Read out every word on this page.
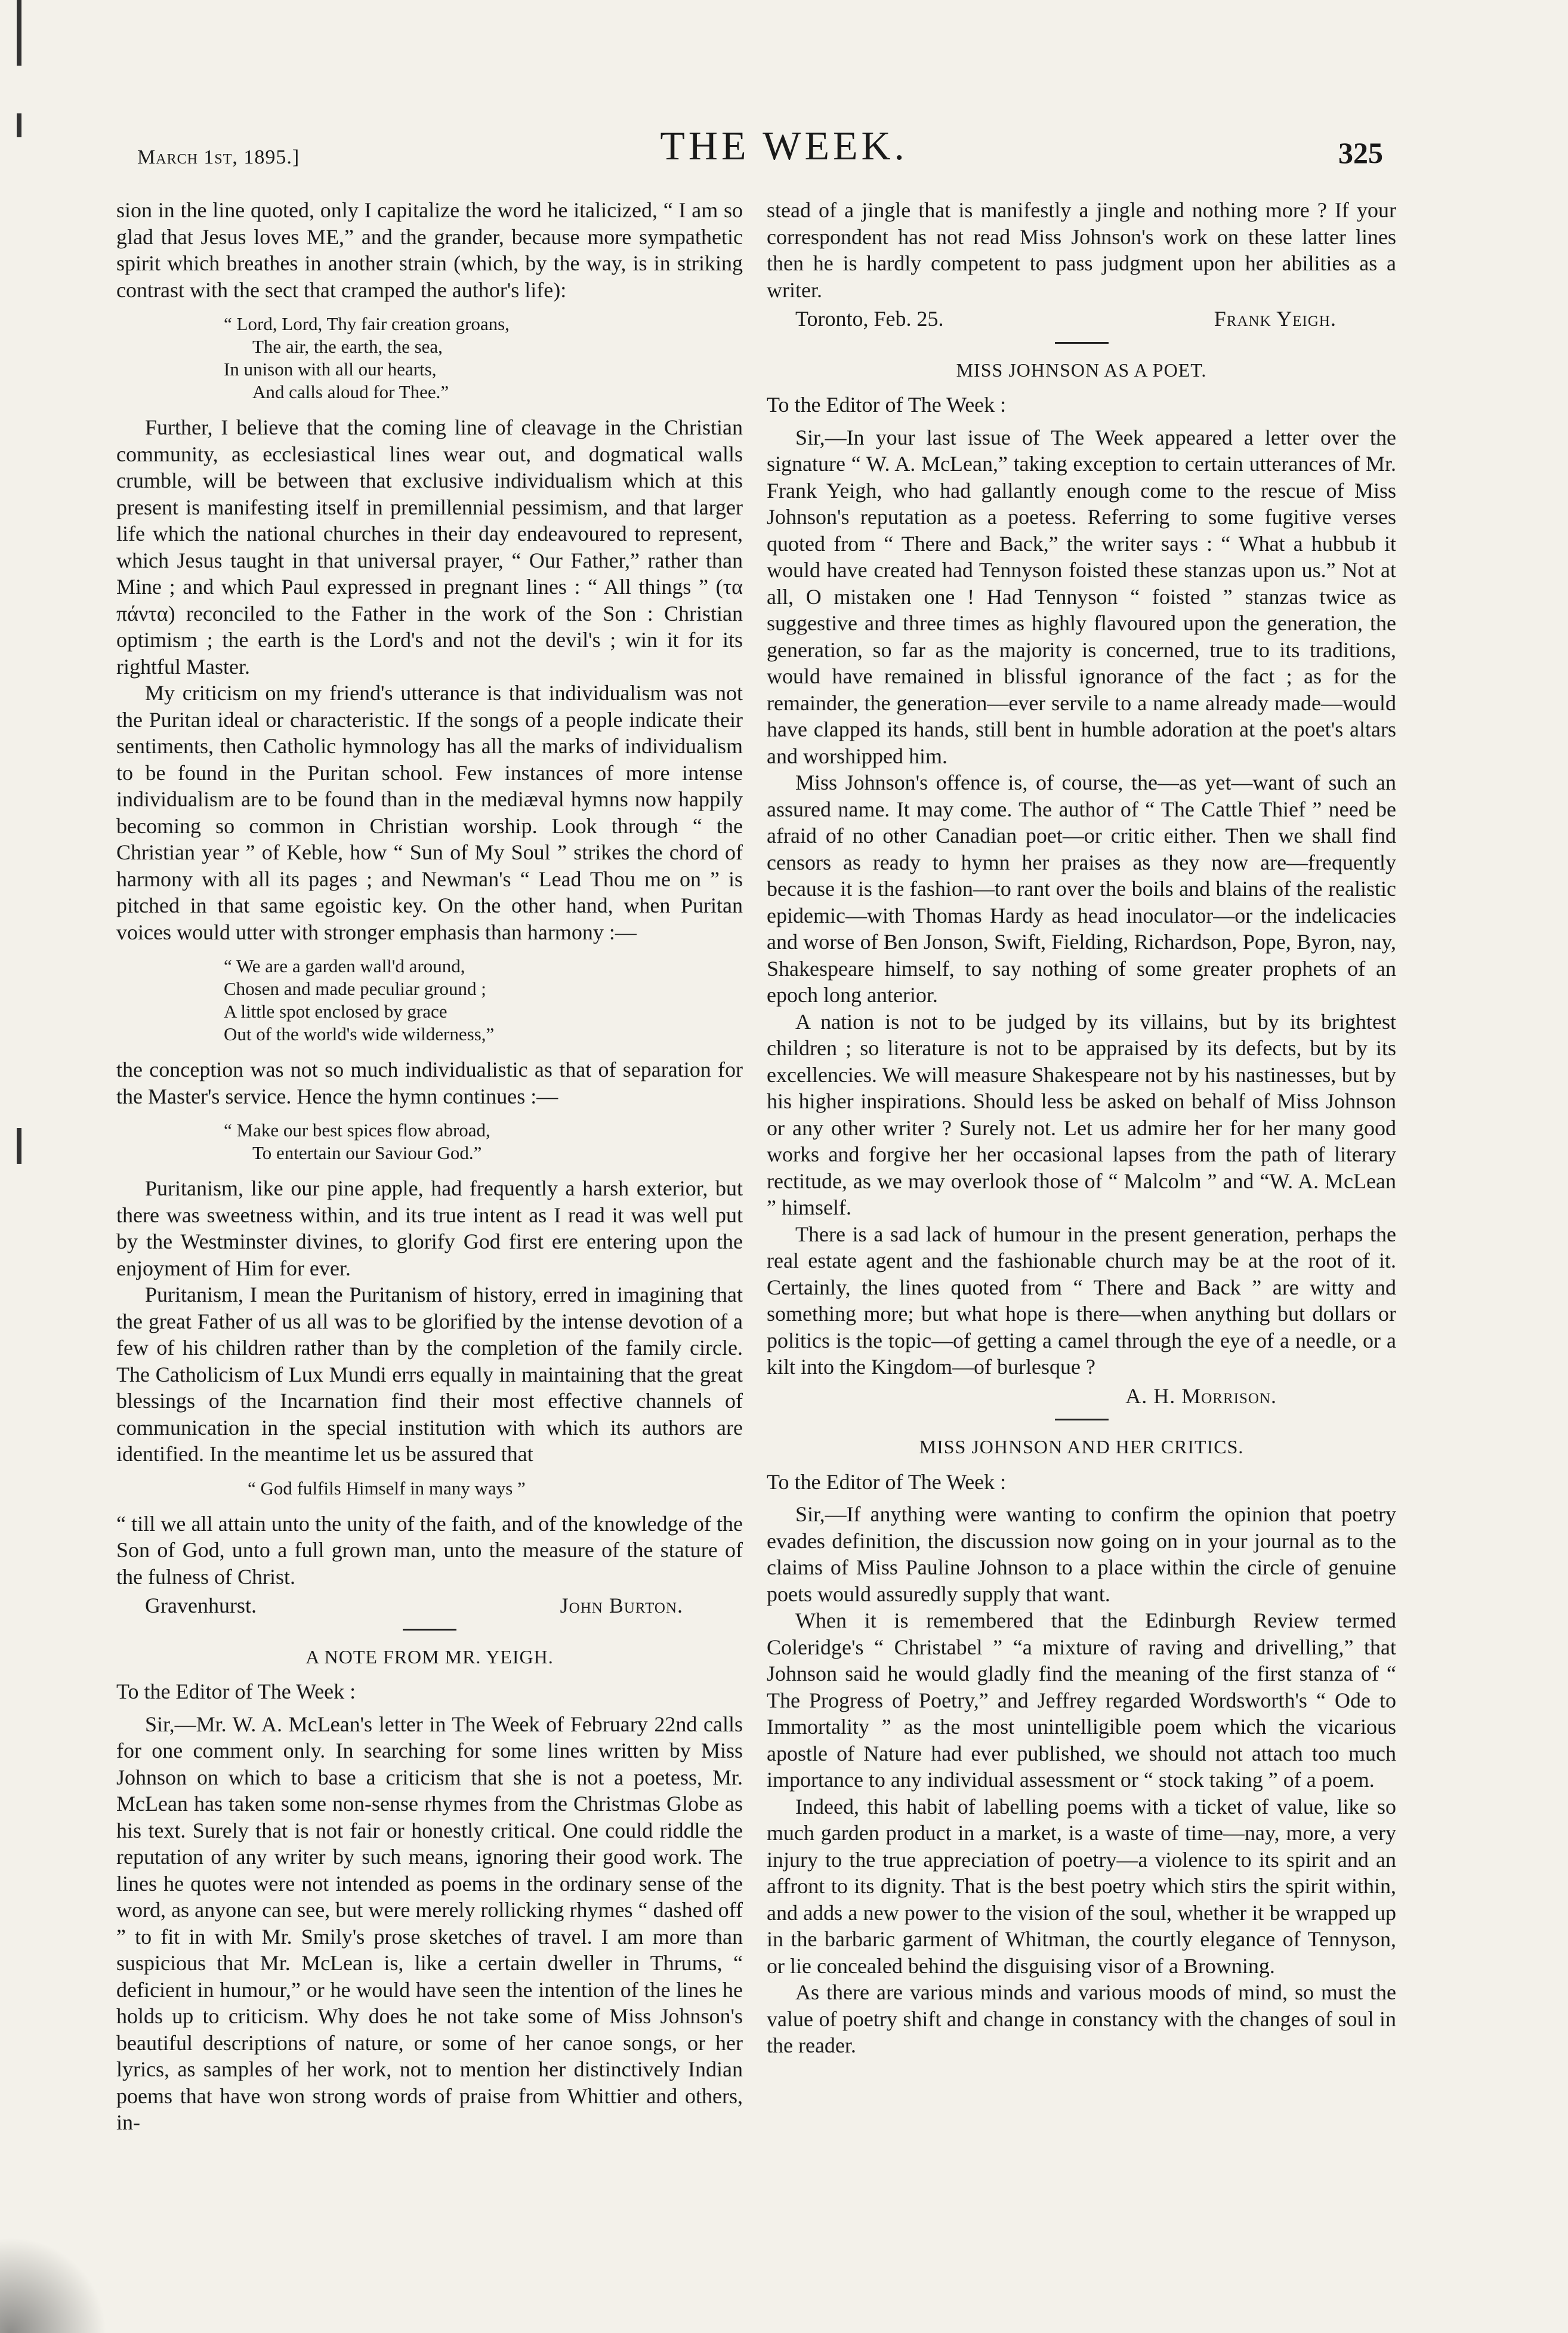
March 1st, 1895.]	THE WEEK.	325

sion in the line quoted, only I capitalize the word he italicized, “ I am so glad that Jesus loves ME,” and the grander, because more sympathetic spirit which breathes in another strain (which, by the way, is in striking contrast with the sect that cramped the author's life):

“ Lord, Lord, Thy fair creation groans,
The air, the earth, the sea,
In unison with all our hearts,
And calls aloud for Thee.”

Further, I believe that the coming line of cleavage in the Christian community, as ecclesiastical lines wear out, and dogmatical walls crumble, will be between that exclusive individualism which at this present is manifesting itself in premillennial pessimism, and that larger life which the national churches in their day endeavoured to represent, which Jesus taught in that universal prayer, “ Our Father,” rather than Mine ; and which Paul expressed in pregnant lines : “ All things ” (τα πάντα) reconciled to the Father in the work of the Son : Christian optimism ; the earth is the Lord's and not the devil's ; win it for its rightful Master.

My criticism on my friend's utterance is that individualism was not the Puritan ideal or characteristic. If the songs of a people indicate their sentiments, then Catholic hymnology has all the marks of individualism to be found in the Puritan school. Few instances of more intense individualism are to be found than in the mediæval hymns now happily becoming so common in Christian worship. Look through “ the Christian year ” of Keble, how “ Sun of My Soul ” strikes the chord of harmony with all its pages ; and Newman's “ Lead Thou me on ” is pitched in that same egoistic key. On the other hand, when Puritan voices would utter with stronger emphasis than harmony :—

“ We are a garden wall'd around,
Chosen and made peculiar ground ;
A little spot enclosed by grace
Out of the world's wide wilderness,”

the conception was not so much individualistic as that of separation for the Master's service. Hence the hymn continues :—

“ Make our best spices flow abroad,
To entertain our Saviour God.”

Puritanism, like our pine apple, had frequently a harsh exterior, but there was sweetness within, and its true intent as I read it was well put by the Westminster divines, to glorify God first ere entering upon the enjoyment of Him for ever.

Puritanism, I mean the Puritanism of history, erred in imagining that the great Father of us all was to be glorified by the intense devotion of a few of his children rather than by the completion of the family circle. The Catholicism of Lux Mundi errs equally in maintaining that the great blessings of the Incarnation find their most effective channels of communication in the special institution with which its authors are identified. In the meantime let us be assured that

“ God fulfils Himself in many ways ”

“ till we all attain unto the unity of the faith, and of the knowledge of the Son of God, unto a full grown man, unto the measure of the stature of the fulness of Christ.

Gravenhurst.	John Burton.
A NOTE FROM MR. YEIGH.

To the Editor of The Week :

Sir,—Mr. W. A. McLean's letter in The Week of February 22nd calls for one comment only. In searching for some lines written by Miss Johnson on which to base a criticism that she is not a poetess, Mr. McLean has taken some non-sense rhymes from the Christmas Globe as his text. Surely that is not fair or honestly critical. One could riddle the reputation of any writer by such means, ignoring their good work. The lines he quotes were not intended as poems in the ordinary sense of the word, as anyone can see, but were merely rollicking rhymes “ dashed off ” to fit in with Mr. Smily's prose sketches of travel. I am more than suspicious that Mr. McLean is, like a certain dweller in Thrums, “ deficient in humour,” or he would have seen the intention of the lines he holds up to criticism. Why does he not take some of Miss Johnson's beautiful descriptions of nature, or some of her canoe songs, or her lyrics, as samples of her work, not to mention her distinctively Indian poems that have won strong words of praise from Whittier and others, in-

stead of a jingle that is manifestly a jingle and nothing more ? If your correspondent has not read Miss Johnson's work on these latter lines then he is hardly competent to pass judgment upon her abilities as a writer.

Toronto, Feb. 25.	Frank Yeigh.
MISS JOHNSON AS A POET.

To the Editor of The Week :

Sir,—In your last issue of The Week appeared a letter over the signature “ W. A. McLean,” taking exception to certain utterances of Mr. Frank Yeigh, who had gallantly enough come to the rescue of Miss Johnson's reputation as a poetess. Referring to some fugitive verses quoted from “ There and Back,” the writer says : “ What a hubbub it would have created had Tennyson foisted these stanzas upon us.” Not at all, O mistaken one ! Had Tennyson “ foisted ” stanzas twice as suggestive and three times as highly flavoured upon the generation, the generation, so far as the majority is concerned, true to its traditions, would have remained in blissful ignorance of the fact ; as for the remainder, the generation—ever servile to a name already made—would have clapped its hands, still bent in humble adoration at the poet's altars and worshipped him.

Miss Johnson's offence is, of course, the—as yet—want of such an assured name. It may come. The author of “ The Cattle Thief ” need be afraid of no other Canadian poet—or critic either. Then we shall find censors as ready to hymn her praises as they now are—frequently because it is the fashion—to rant over the boils and blains of the realistic epidemic—with Thomas Hardy as head inoculator—or the indelicacies and worse of Ben Jonson, Swift, Fielding, Richardson, Pope, Byron, nay, Shakespeare himself, to say nothing of some greater prophets of an epoch long anterior.

A nation is not to be judged by its villains, but by its brightest children ; so literature is not to be appraised by its defects, but by its excellencies. We will measure Shakespeare not by his nastinesses, but by his higher inspirations. Should less be asked on behalf of Miss Johnson or any other writer ? Surely not. Let us admire her for her many good works and forgive her her occasional lapses from the path of literary rectitude, as we may overlook those of “ Malcolm ” and “W. A. McLean ” himself.

There is a sad lack of humour in the present generation, perhaps the real estate agent and the fashionable church may be at the root of it. Certainly, the lines quoted from “ There and Back ” are witty and something more; but what hope is there—when anything but dollars or politics is the topic—of getting a camel through the eye of a needle, or a kilt into the Kingdom—of burlesque ?

A. H. Morrison.
MISS JOHNSON AND HER CRITICS.

To the Editor of The Week :

Sir,—If anything were wanting to confirm the opinion that poetry evades definition, the discussion now going on in your journal as to the claims of Miss Pauline Johnson to a place within the circle of genuine poets would assuredly supply that want.

When it is remembered that the Edinburgh Review termed Coleridge's “ Christabel ” “a mixture of raving and drivelling,” that Johnson said he would gladly find the meaning of the first stanza of “ The Progress of Poetry,” and Jeffrey regarded Wordsworth's “ Ode to Immortality ” as the most unintelligible poem which the vicarious apostle of Nature had ever published, we should not attach too much importance to any individual assessment or “ stock taking ” of a poem.

Indeed, this habit of labelling poems with a ticket of value, like so much garden product in a market, is a waste of time—nay, more, a very injury to the true appreciation of poetry—a violence to its spirit and an affront to its dignity. That is the best poetry which stirs the spirit within, and adds a new power to the vision of the soul, whether it be wrapped up in the barbaric garment of Whitman, the courtly elegance of Tennyson, or lie concealed behind the disguising visor of a Browning.

As there are various minds and various moods of mind, so must the value of poetry shift and change in constancy with the changes of soul in the reader.
